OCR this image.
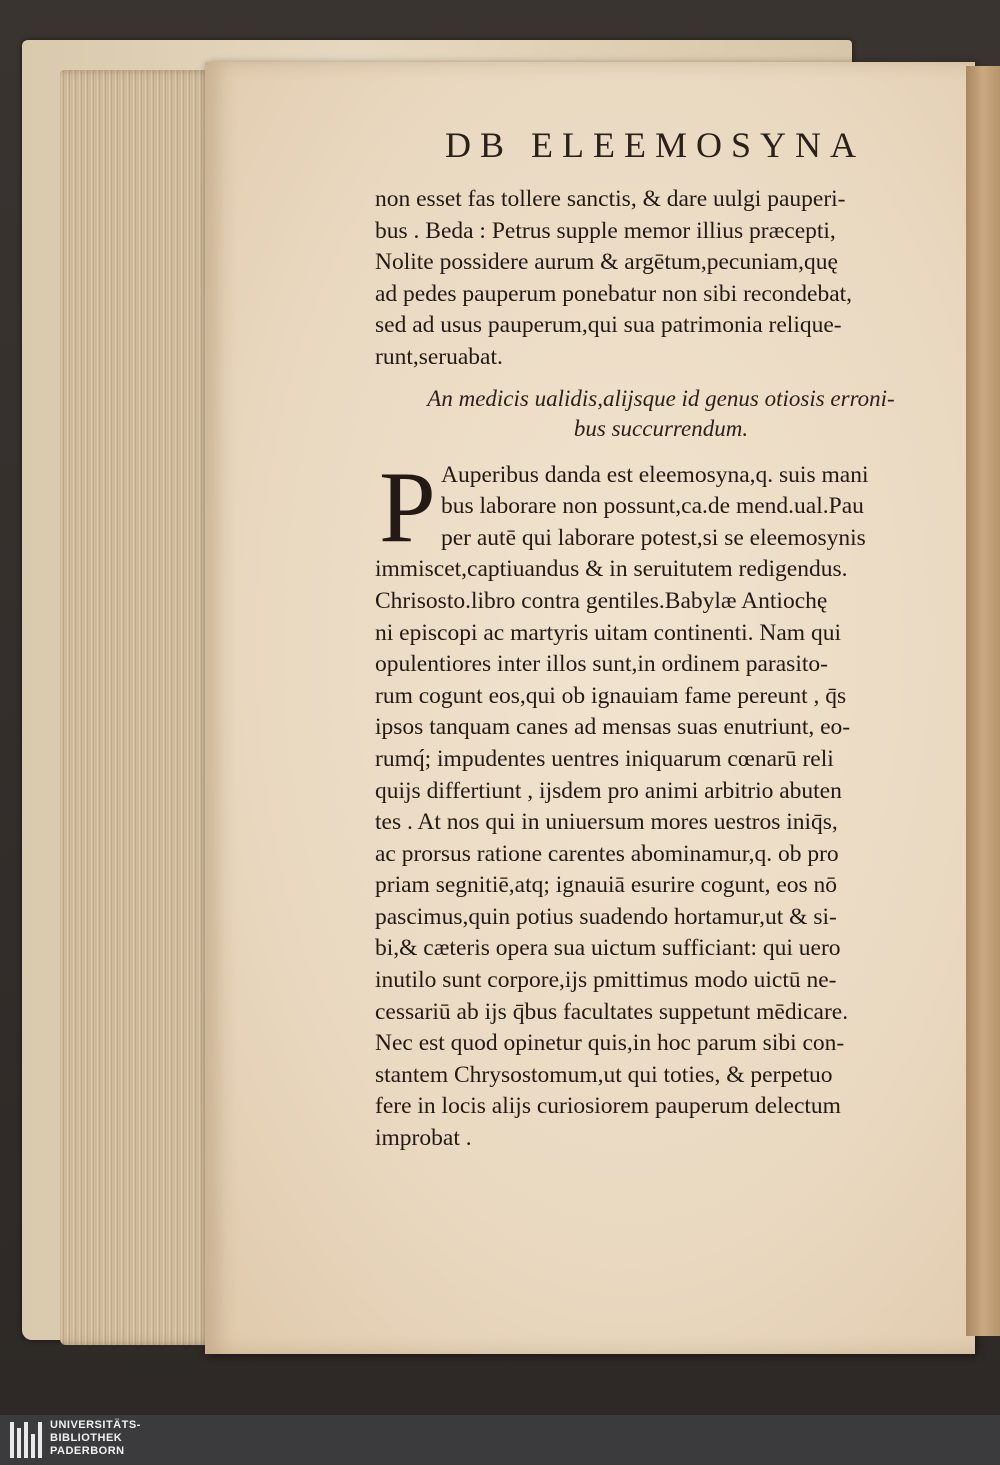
DB ELEEMOSYNA
non esset fas tollere sanctis, & dare uulgi pauperi-
bus . Beda : Petrus supple memor illius præcepti,
Nolite possidere aurum & argētum,pecuniam,quę
ad pedes pauperum ponebatur non sibi recondebat,
sed ad usus pauperum,qui sua patrimonia relique-
runt,seruabat.
An medicis ualidis,alijsque id genus otiosis erroni-
bus succurrendum.
P Auperibus danda est eleemosyna,q. suis mani
bus laborare non possunt,ca.de mend.ual.Pau
per autē qui laborare potest,si se eleemosynis
immiscet,captiuandus & in seruitutem redigendus.
Chrisosto.libro contra gentiles.Babylæ Antiochę
ni episcopi ac martyris uitam continenti. Nam qui
opulentiores inter illos sunt,in ordinem parasito-
rum cogunt eos,qui ob ignauiam fame pereunt , q̄s
ipsos tanquam canes ad mensas suas enutriunt, eo-
rumq́; impudentes uentres iniquarum cœnarū reli
quijs differtiunt , ijsdem pro animi arbitrio abuten
tes . At nos qui in uniuersum mores uestros iniq̄s,
ac prorsus ratione carentes abominamur,q. ob pro
priam segnitiē,atq; ignauiā esurire cogunt, eos nō
pascimus,quin potius suadendo hortamur,ut & si-
bi,& cæteris opera sua uictum sufficiant: qui uero
inutilo sunt corpore,ijs pmittimus modo uictū ne-
cessariū ab ijs q̄bus facultates suppetunt mēdicare.
Nec est quod opinetur quis,in hoc parum sibi con-
stantem Chrysostomum,ut qui toties, & perpetuo
fere in locis alijs curiosiorem pauperum delectum
improbat .
UNIVERSITÄTS-
BIBLIOTHEK
PADERBORN
